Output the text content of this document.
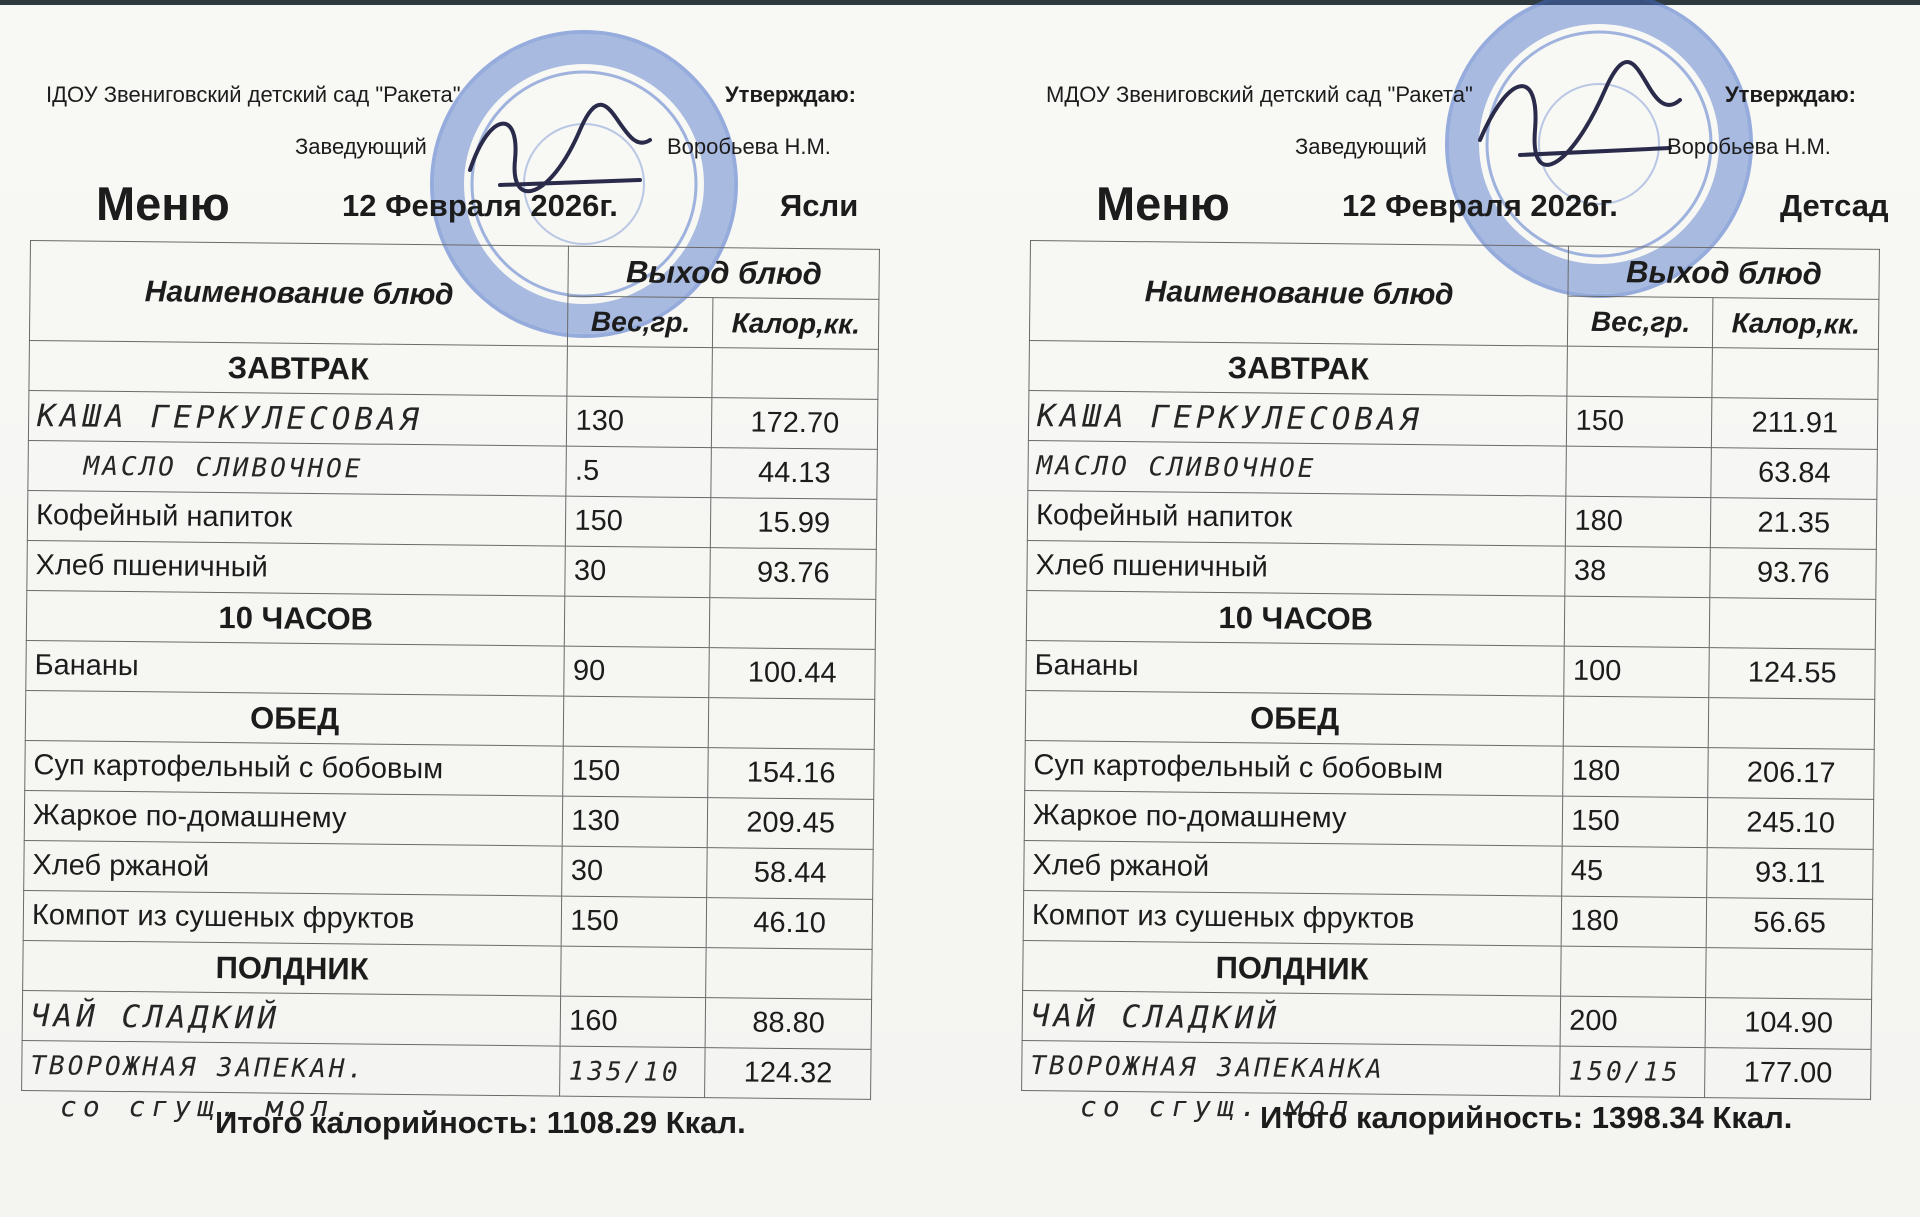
ІДОУ Звениговский детский сад "Ракета"	Утверждаю:
Заведующий	Воробьева Н.М.
Меню	12 Февраля 2026г.	Ясли
Наименование блюд	Выход блюд	
	Вес,гр.	Калор,кк.
ЗАВТРАК		
КАША ГЕРКУЛЕСОВАЯ	130	172.70
МАСЛО СЛИВОЧНОЕ	.5	44.13
Кофейный напиток	150	15.99
Хлеб пшеничный	30	93.76
10 ЧАСОВ		
Бананы	90	100.44
ОБЕД		
Суп картофельный с бобовым	150	154.16
Жаркое по-домашнему	130	209.45
Хлеб ржаной	30	58.44
Компот из сушеных фруктов	150	46.10
ПОЛДНИК		
ЧАЙ СЛАДКИЙ	160	88.80
ТВОРОЖНАЯ ЗАПЕКАН.	135/10	124.32
со сгущ. мол.
Итого калорийность: 1108.29 Ккал.
МДОУ Звениговский детский сад "Ракета"	Утверждаю:
Заведующий	Воробьева Н.М.
Меню	12 Февраля 2026г.	Детсад
Наименование блюд	Выход блюд	
	Вес,гр.	Калор,кк.
ЗАВТРАК		
КАША ГЕРКУЛЕСОВАЯ	150	211.91
МАСЛО СЛИВОЧНОЕ		63.84
Кофейный напиток	180	21.35
Хлеб пшеничный	38	93.76
10 ЧАСОВ		
Бананы	100	124.55
ОБЕД		
Суп картофельный с бобовым	180	206.17
Жаркое по-домашнему	150	245.10
Хлеб ржаной	45	93.11
Компот из сушеных фруктов	180	56.65
ПОЛДНИК		
ЧАЙ СЛАДКИЙ	200	104.90
ТВОРОЖНАЯ ЗАПЕКАНКА	150/15	177.00
со сгущ. мол.
Итого калорийность: 1398.34 Ккал.
